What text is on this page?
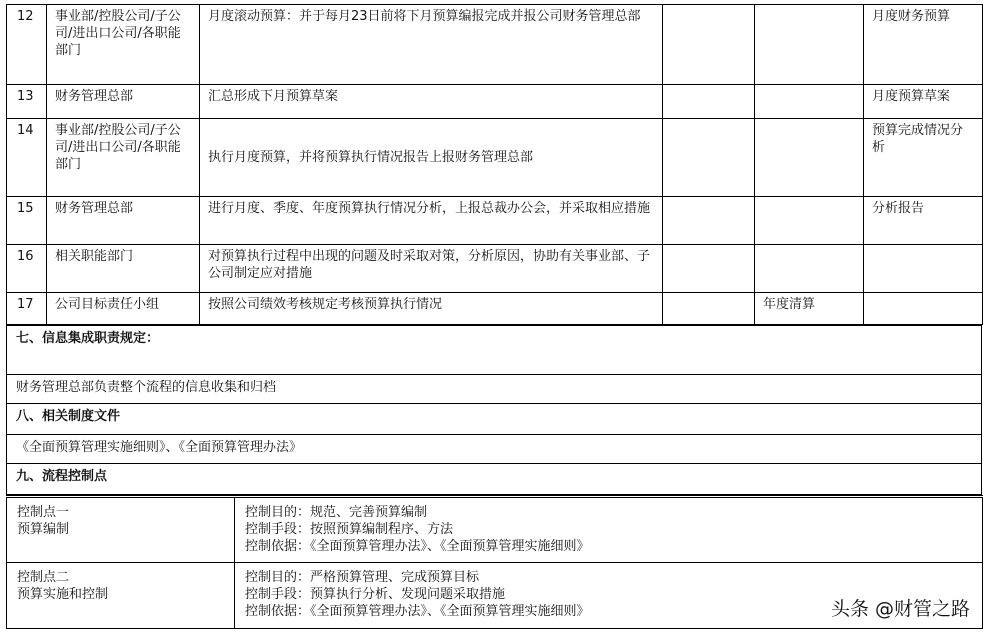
12	事业部/控股公司/子公司/进出口公司/各职能部门	月度滚动预算：并于每月23日前将下月预算编报完成并报公司财务管理总部			月度财务预算
13	财务管理总部	汇总形成下月预算草案			月度预算草案
14	事业部/控股公司/子公司/进出口公司/各职能部门	执行月度预算，并将预算执行情况报告上报财务管理总部			预算完成情况分析
15	财务管理总部	进行月度、季度、年度预算执行情况分析，上报总裁办公会，并采取相应措施			分析报告
16	相关职能部门	对预算执行过程中出现的问题及时采取对策，分析原因，协助有关事业部、子公司制定应对措施			
17	公司目标责任小组	按照公司绩效考核规定考核预算执行情况		年度清算	
七、信息集成职责规定：
财务管理总部负责整个流程的信息收集和归档
八、相关制度文件
《全面预算管理实施细则》、《全面预算管理办法》
九、流程控制点
控制点一
预算编制	控制目的：规范、完善预算编制
控制手段：按照预算编制程序、方法
控制依据：《全面预算管理办法》、《全面预算管理实施细则》

控制点二
预算实施和控制	控制目的：严格预算管理、完成预算目标
控制手段：预算执行分析、发现问题采取措施
控制依据：《全面预算管理办法》、《全面预算管理实施细则》	头条 @财管之路
